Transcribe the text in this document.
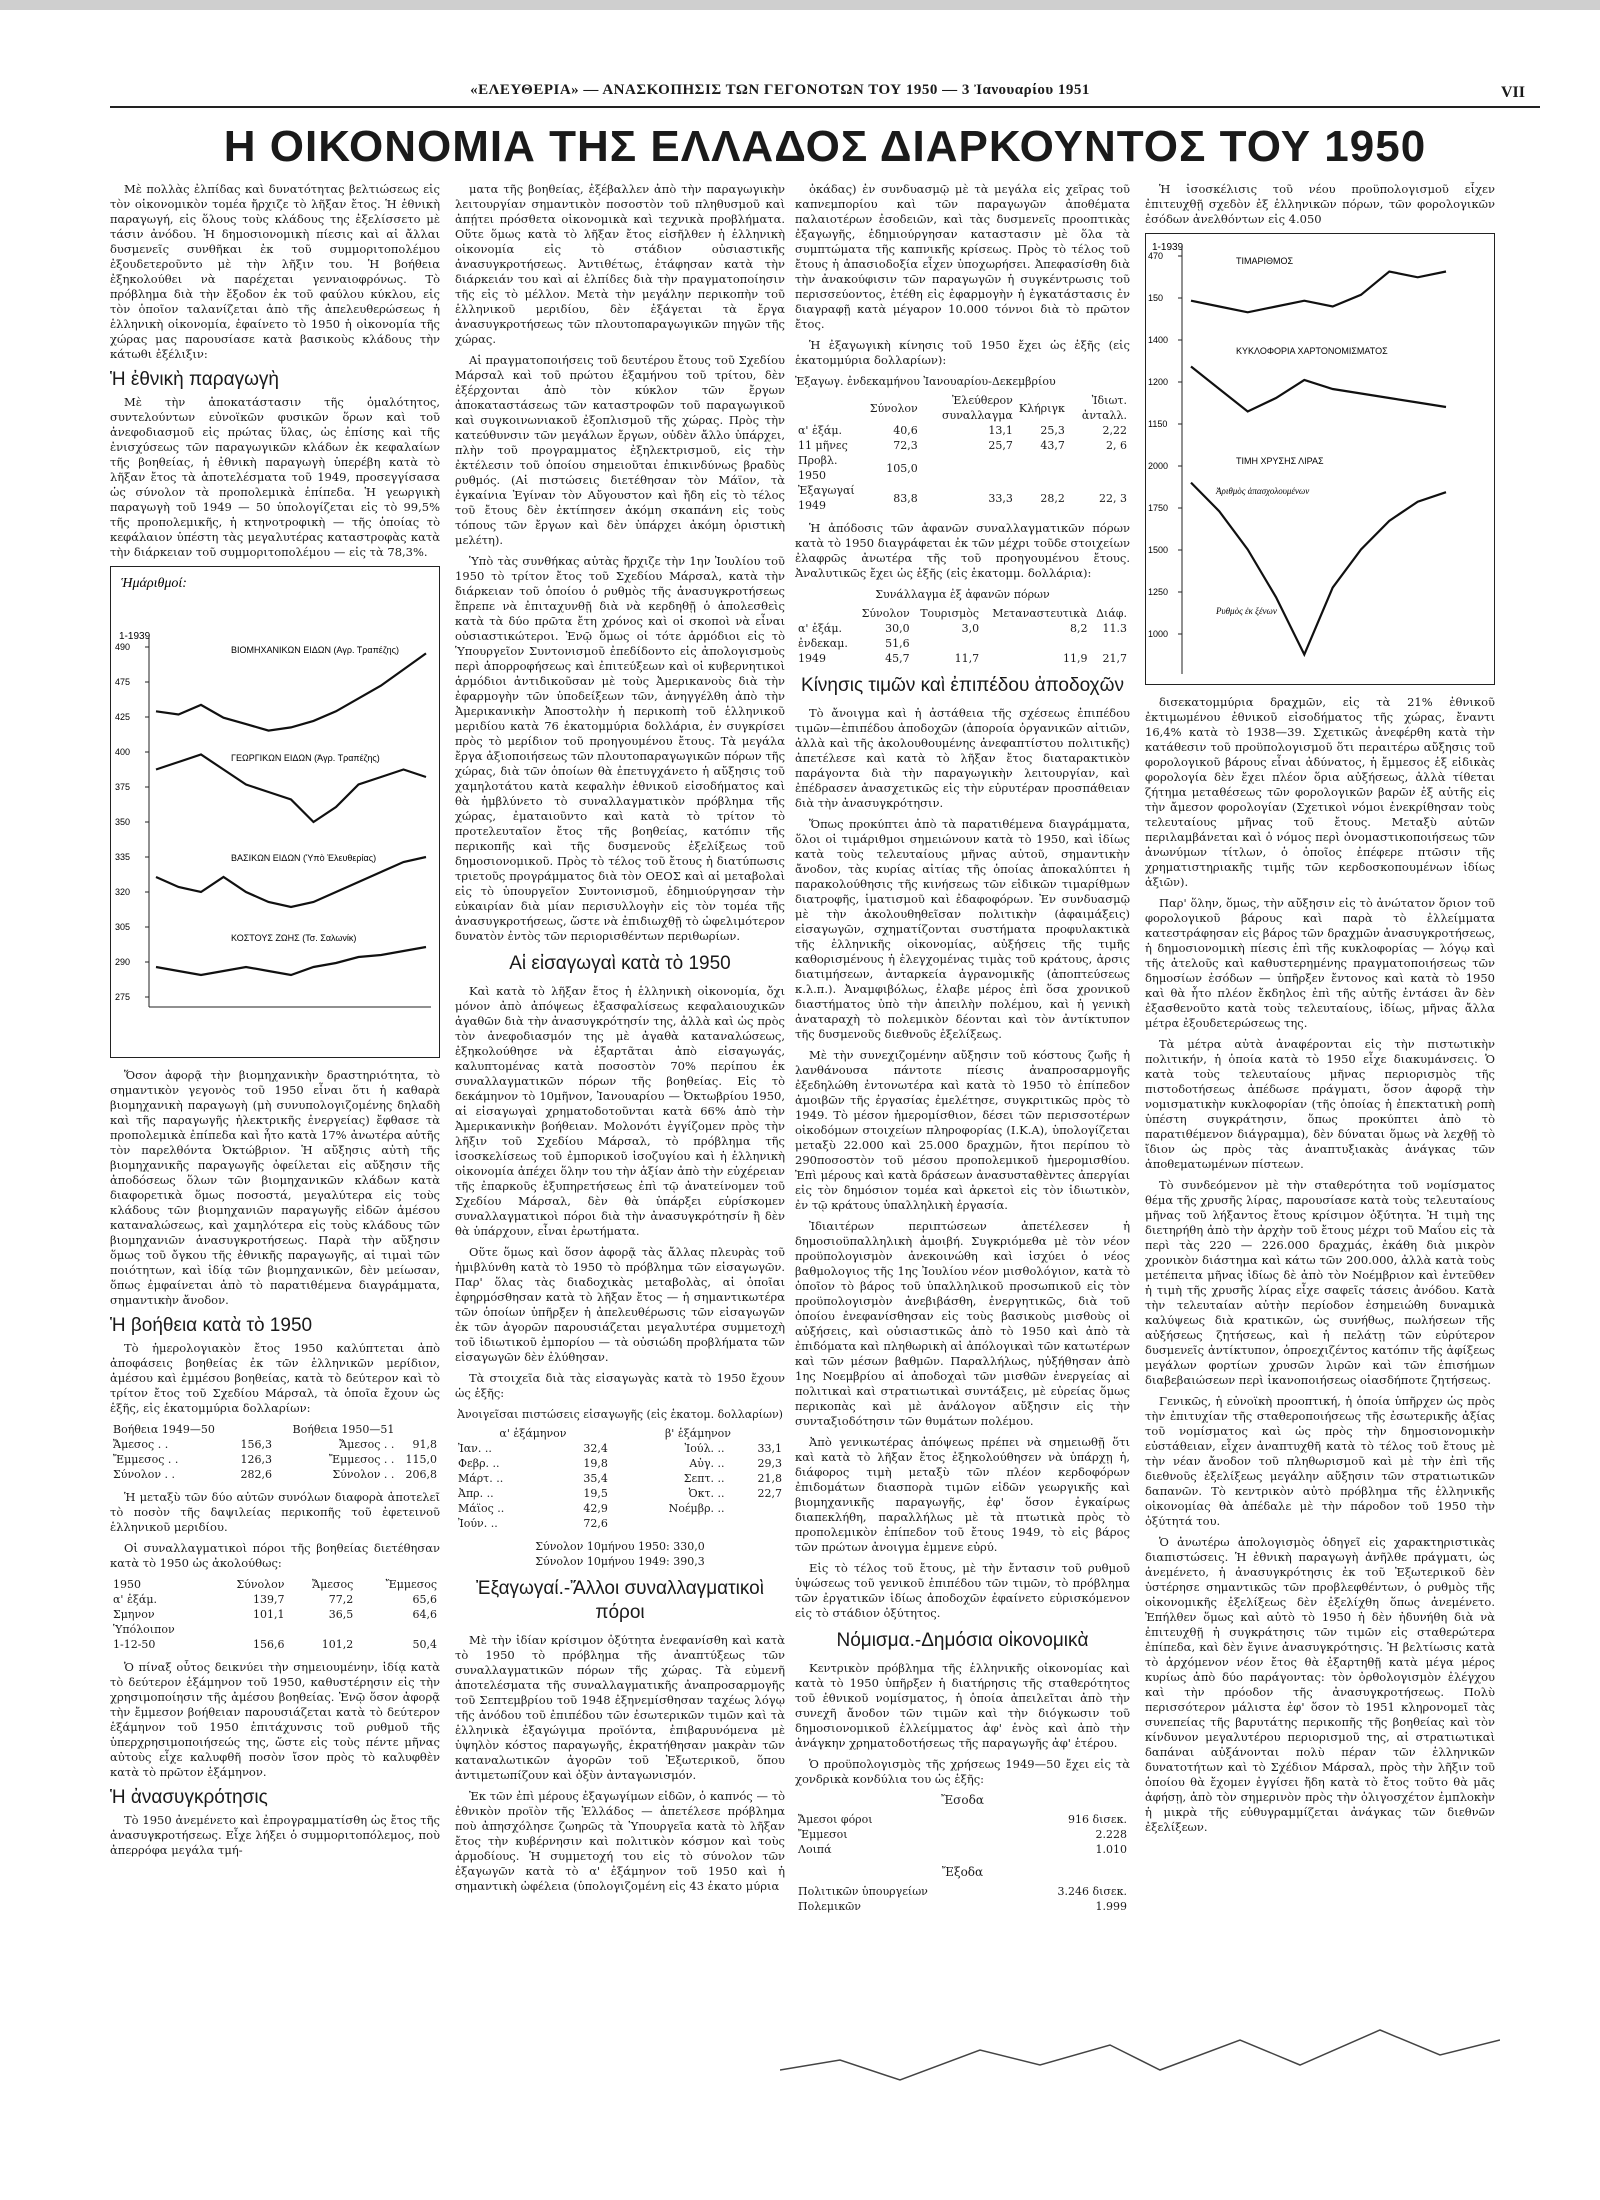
«ΕΛΕΥΘΕΡΙΑ» — ΑΝΑΣΚΟΠΗΣΙΣ ΤΩΝ ΓΕΓΟΝΟΤΩΝ ΤΟΥ 1950 — 3 Ἰανουαρίου 1951	VII
Η ΟΙΚΟΝΟΜΙΑ ΤΗΣ ΕΛΛΑΔΟΣ ΔΙΑΡΚΟΥΝΤΟΣ ΤΟΥ 1950

Μὲ πολλὰς ἐλπίδας καὶ δυνατότητας βελτιώσεως εἰς τὸν οἰκονομικὸν τομέα ἤρχιζε τὸ λῆξαν ἔτος. Ἡ ἐθνικὴ παραγωγή, εἰς ὅλους τοὺς κλάδους της ἐξελίσσετο μὲ τάσιν ἀνόδου. Ἡ δημοσιονομικὴ πίεσις καὶ αἱ ἄλλαι δυσμενεῖς συνθῆκαι ἐκ τοῦ συμμοριτοπολέμου ἐξουδετεροῦντο μὲ τὴν λῆξιν του. Ἡ βοήθεια ἐξηκολούθει νὰ παρέχεται γενναιοφρόνως. Τὸ πρόβλημα διὰ τὴν ἔξοδον ἐκ τοῦ φαύλου κύκλου, εἰς τὸν ὁποῖον ταλανίζεται ἀπὸ τῆς ἀπελευθερώσεως ἡ ἑλληνικὴ οἰκονομία, ἐφαίνετο τὸ 1950 ἡ οἰκονομία τῆς χώρας μας παρουσίασε κατὰ βασικοὺς κλάδους τὴν κάτωθι ἐξέλιξιν:

Ἡ ἐθνικὴ παραγωγὴ

Μὲ τὴν ἀποκατάστασιν τῆς ὁμαλότητος, συντελούντων εὐνοϊκῶν φυσικῶν ὅρων καὶ τοῦ ἀνεφοδιασμοῦ εἰς πρώτας ὕλας, ὡς ἐπίσης καὶ τῆς ἐνισχύσεως τῶν παραγωγικῶν κλάδων ἐκ κεφαλαίων τῆς βοηθείας, ἡ ἐθνικὴ παραγωγὴ ὑπερέβη κατὰ τὸ λῆξαν ἔτος τὰ ἀποτελέσματα τοῦ 1949, προσεγγίσασα ὡς σύνολον τὰ προπολεμικὰ ἐπίπεδα. Ἡ γεωργικὴ παραγωγὴ τοῦ 1949 — 50 ὑπολογίζεται εἰς τὸ 99,5% τῆς προπολεμικῆς, ἡ κτηνοτροφικὴ — τῆς ὁποίας τὸ κεφάλαιον ὑπέστη τὰς μεγαλυτέρας καταστροφὰς κατὰ τὴν διάρκειαν τοῦ συμμοριτοπολέμου — εἰς τὰ 78,3%.

Ἡμάριθμοί:
1-1939
490
475
425
400
375
350
335
320
305
290
275
ΒΙΟΜΗΧΑΝΙΚΩΝ ΕΙΔΩΝ (Αγρ. Τραπέζης)
ΓΕΩΡΓΙΚΩΝ ΕΙΔΩΝ (Ἀγρ. Τραπέζης)
ΒΑΣΙΚΩΝ ΕΙΔΩΝ (Ὑπὸ Ἐλευθερίας)
ΚΟΣΤΟΥΣ ΖΩΗΣ (Τσ. Σαλωνίκ)

Ὅσον ἀφορᾷ τὴν βιομηχανικὴν δραστηριότητα, τὸ σημαντικὸν γεγονὸς τοῦ 1950 εἶναι ὅτι ἡ καθαρὰ βιομηχανικὴ παραγωγὴ (μὴ συνυπολογιζομένης δηλαδὴ καὶ τῆς παραγωγῆς ἠλεκτρικῆς ἐνεργείας) ἔφθασε τὰ προπολεμικὰ ἐπίπεδα καὶ ἦτο κατὰ 17% ἀνωτέρα αὐτῆς τὸν παρελθόντα Ὀκτώβριον. Ἡ αὔξησις αὐτὴ τῆς βιομηχανικῆς παραγωγῆς ὀφείλεται εἰς αὔξησιν τῆς ἀποδόσεως ὅλων τῶν βιομηχανικῶν κλάδων κατὰ διαφορετικὰ ὅμως ποσοστά, μεγαλύτερα εἰς τοὺς κλάδους τῶν βιομηχανιῶν παραγωγῆς εἰδῶν ἀμέσου καταναλώσεως, καὶ χαμηλότερα εἰς τοὺς κλάδους τῶν βιομηχανιῶν ἀνασυγκροτήσεως. Παρὰ τὴν αὔξησιν ὅμως τοῦ ὄγκου τῆς ἐθνικῆς παραγωγῆς, αἱ τιμαὶ τῶν ποιότητων, καὶ ἰδίᾳ τῶν βιομηχανικῶν, δὲν μείωσαν, ὅπως ἐμφαίνεται ἀπὸ τὸ παρατιθέμενα διαγράμματα, σημαντικὴν ἄνοδον.

Ἡ βοήθεια κατὰ τὸ 1950

Τὸ ἡμερολογιακὸν ἔτος 1950 καλύπτεται ἀπὸ ἀποφάσεις βοηθείας ἐκ τῶν ἑλληνικῶν μερίδιον, ἀμέσου καὶ ἐμμέσου βοηθείας, κατὰ τὸ δεύτερον καὶ τὸ τρίτον ἔτος τοῦ Σχεδίου Μάρσαλ, τὰ ὁποῖα ἔχουν ὡς ἑξῆς, εἰς ἑκατομμύρια δολλαρίων:

Βοήθεια 1949—50		Βοήθεια 1950—51	
Ἄμεσος . .	156,3	Ἄμεσος . .	91,8
Ἔμμεσος . .	126,3	Ἔμμεσος . .	115,0
Σύνολον . .	282,6	Σύνολον . .	206,8

Ἡ μεταξὺ τῶν δύο αὐτῶν συνόλων διαφορὰ ἀποτελεῖ τὸ ποσὸν τῆς δαψιλείας περικοπῆς τοῦ ἐφετεινοῦ ἑλληνικοῦ μεριδίου.

Οἱ συναλλαγματικοὶ πόροι τῆς βοηθείας διετέθησαν κατὰ τὸ 1950 ὡς ἀκολούθως:

1950	Σύνολον	Ἄμεσος	Ἔμμεσος
α' ἑξάμ.	139,7	77,2	65,6
Σμηνον	101,1	36,5	64,6
Ὑπόλοιπον			
1-12-50	156,6	101,2	50,4

Ὁ πίναξ οὗτος δεικνύει τὴν σημειουμένην, ἰδίᾳ κατὰ τὸ δεύτερον ἑξάμηνον τοῦ 1950, καθυστέρησιν εἰς τὴν χρησιμοποίησιν τῆς ἀμέσου βοηθείας. Ἐνῷ ὅσον ἀφορᾷ τὴν ἔμμεσον βοήθειαν παρουσιάζεται κατὰ τὸ δεύτερον ἑξάμηνον τοῦ 1950 ἐπιτάχυνσις τοῦ ρυθμοῦ τῆς ὑπερχρησιμοποιήσεώς της, ὥστε εἰς τοὺς πέντε μῆνας αὐτοὺς εἶχε καλυφθῆ ποσὸν ἴσον πρὸς τὸ καλυφθὲν κατὰ τὸ πρῶτον ἑξάμηνον.

Ἡ ἀνασυγκρότησις

Τὸ 1950 ἀνεμένετο καὶ ἐπρογραμματίσθη ὡς ἔτος τῆς ἀνασυγκροτήσεως. Εἶχε λήξει ὁ συμμοριτοπόλεμος, ποὺ ἀπερρόφα μεγάλα τμή-

ματα τῆς βοηθείας, ἐξέβαλλεν ἀπὸ τὴν παραγωγικὴν λειτουργίαν σημαντικὸν ποσοστὸν τοῦ πληθυσμοῦ καὶ ἀπῄτει πρόσθετα οἰκονομικὰ καὶ τεχνικὰ προβλήματα. Οὕτε ὅμως κατὰ τὸ λῆξαν ἔτος εἰσῆλθεν ἡ ἑλληνικὴ οἰκονομία εἰς τὸ στάδιον οὐσιαστικῆς ἀνασυγκροτήσεως. Ἀντιθέτως, ἐτάφησαν κατὰ τὴν διάρκειάν του καὶ αἱ ἐλπίδες διὰ τὴν πραγματοποίησιν τῆς εἰς τὸ μέλλον. Μετὰ τὴν μεγάλην περικοπὴν τοῦ ἑλληνικοῦ μεριδίου, δὲν ἐξάγεται τὰ ἔργα ἀνασυγκροτήσεως τῶν πλουτοπαραγωγικῶν πηγῶν τῆς χώρας.

Αἱ πραγματοποιήσεις τοῦ δευτέρου ἔτους τοῦ Σχεδίου Μάρσαλ καὶ τοῦ πρώτου ἑξαμήνου τοῦ τρίτου, δὲν ἐξέρχονται ἀπὸ τὸν κύκλον τῶν ἔργων ἀποκαταστάσεως τῶν καταστροφῶν τοῦ παραγωγικοῦ καὶ συγκοινωνιακοῦ ἐξοπλισμοῦ τῆς χώρας. Πρὸς τὴν κατεύθυνσιν τῶν μεγάλων ἔργων, οὐδὲν ἄλλο ὑπάρχει, πλὴν τοῦ προγραμματος ἐξηλεκτρισμοῦ, εἰς τὴν ἐκτέλεσιν τοῦ ὁποίου σημειοῦται ἐπικινδύνως βραδὺς ρυθμός. (Αἱ πιστώσεις διετέθησαν τὸν Μάϊον, τὰ ἐγκαίνια Ἐγίναν τὸν Αὔγουστον καὶ ἤδη εἰς τὸ τέλος τοῦ ἔτους δὲν ἐκτίπησεν ἀκόμη σκαπάνη εἰς τοὺς τόπους τῶν ἔργων καὶ δὲν ὑπάρχει ἀκόμη ὁριστικὴ μελέτη).

Ὑπὸ τὰς συνθήκας αὐτὰς ἤρχιζε τὴν 1ην Ἰουλίου τοῦ 1950 τὸ τρίτον ἔτος τοῦ Σχεδίου Μάρσαλ, κατὰ τὴν διάρκειαν τοῦ ὁποίου ὁ ρυθμὸς τῆς ἀνασυγκροτήσεως ἔπρεπε νὰ ἐπιταχυνθῇ διὰ νὰ κερδηθῇ ὁ ἀπολεσθεὶς κατὰ τὰ δύο πρῶτα ἔτη χρόνος καὶ οἱ σκοποὶ νὰ εἶναι οὐσιαστικώτεροι. Ἐνῷ ὅμως οἱ τότε ἁρμόδιοι εἰς τὸ Ὑπουργεῖον Συντονισμοῦ ἐπεδίδοντο εἰς ἀπολογισμοὺς περὶ ἀπορροφήσεως καὶ ἐπιτεύξεων καὶ οἱ κυβερνητικοὶ ἁρμόδιοι ἀντιδικοῦσαν μὲ τοὺς Ἀμερικανοὺς διὰ τὴν ἐφαρμογὴν τῶν ὑποδείξεων τῶν, ἀνηγγέλθη ἀπὸ τὴν Ἀμερικανικὴν Ἀποστολὴν ἡ περικοπὴ τοῦ ἑλληνικοῦ μεριδίου κατὰ 76 ἑκατομμύρια δολλάρια, ἐν συγκρίσει πρὸς τὸ μερίδιον τοῦ προηγουμένου ἔτους. Τὰ μεγάλα ἔργα ἀξιοποιήσεως τῶν πλουτοπαραγωγικῶν πόρων τῆς χώρας, διὰ τῶν ὁποίων θὰ ἐπετυγχάνετο ἡ αὔξησις τοῦ χαμηλοτάτου κατὰ κεφαλὴν ἐθνικοῦ εἰσοδήματος καὶ θὰ ἠμβλύνετο τὸ συναλλαγματικὸν πρόβλημα τῆς χώρας, ἐματαιοῦντο καὶ κατὰ τὸ τρίτον τὸ προτελευταῖον ἔτος τῆς βοηθείας, κατόπιν τῆς περικοπῆς καὶ τῆς δυσμενοῦς ἐξελίξεως τοῦ δημοσιονομικοῦ. Πρὸς τὸ τέλος τοῦ ἔτους ἡ διατύπωσις τριετοῦς προγράμματος διὰ τὸν ΟΕΟΣ καὶ αἱ μεταβολαὶ εἰς τὸ ὑπουργεῖον Συντονισμοῦ, ἐδημιούργησαν τὴν εὐκαιρίαν διὰ μίαν περισυλλογὴν εἰς τὸν τομέα τῆς ἀνασυγκροτήσεως, ὥστε νὰ ἐπιδιωχθῇ τὸ ὠφελιμότερον δυνατὸν ἐντὸς τῶν περιορισθέντων περιθωρίων.

Αἱ εἰσαγωγαὶ κατὰ τὸ 1950

Καὶ κατὰ τὸ λῆξαν ἔτος ἡ ἑλληνικὴ οἰκονομία, ὄχι μόνον ἀπὸ ἀπόψεως ἐξασφαλίσεως κεφαλαιουχικῶν ἀγαθῶν διὰ τὴν ἀνασυγκρότησίν της, ἀλλὰ καὶ ὡς πρὸς τὸν ἀνεφοδιασμόν της μὲ ἀγαθὰ καταναλώσεως, ἐξηκολούθησε νὰ ἐξαρτᾶται ἀπὸ εἰσαγωγάς, καλυπτομένας κατὰ ποσοστὸν 70% περίπου ἐκ συναλλαγματικῶν πόρων τῆς βοηθείας. Εἰς τὸ δεκάμηνον τὸ 10μῆνον, Ἰανουαρίου — Ὀκτωβρίου 1950, αἱ εἰσαγωγαὶ χρηματοδοτοῦνται κατὰ 66% ἀπὸ τὴν Ἀμερικανικὴν βοήθειαν. Μολονότι ἐγγίζομεν πρὸς τὴν λῆξιν τοῦ Σχεδίου Μάρσαλ, τὸ πρόβλημα τῆς ἰσοσκελίσεως τοῦ ἐμπορικοῦ ἰσοζυγίου καὶ ἡ ἑλληνικὴ οἰκονομία ἀπέχει ὅλην του τὴν ἀξίαν ἀπὸ τὴν εὐχέρειαν τῆς ἐπαρκοῦς ἐξυπηρετήσεως ἐπὶ τῷ ἀνατείνομεν τοῦ Σχεδίου Μάρσαλ, δὲν θὰ ὑπάρξει εὑρίσκομεν συναλλαγματικοὶ πόροι διὰ τὴν ἀνασυγκρότησίν ἢ δὲν θὰ ὑπάρχουν, εἶναι ἐρωτήματα.

Οὕτε ὅμως καὶ ὅσον ἀφορᾷ τὰς ἄλλας πλευρὰς τοῦ ἡμιβλύνθη κατὰ τὸ 1950 τὸ πρόβλημα τῶν εἰσαγωγῶν. Παρ' ὅλας τὰς διαδοχικὰς μεταβολὰς, αἱ ὁποῖαι ἐφηρμόσθησαν κατὰ τὸ λῆξαν ἔτος — ἡ σημαντικωτέρα τῶν ὁποίων ὑπῆρξεν ἡ ἀπελευθέρωσις τῶν εἰσαγωγῶν ἐκ τῶν ἀγορῶν παρουσιάζεται μεγαλυτέρα συμμετοχὴ τοῦ ἰδιωτικοῦ ἐμπορίου — τὰ οὐσιώδη προβλήματα τῶν εἰσαγωγῶν δὲν ἐλύθησαν.

Τὰ στοιχεῖα διὰ τὰς εἰσαγωγὰς κατὰ τὸ 1950 ἔχουν ὡς ἑξῆς:

Ἀνοιγεῖσαι πιστώσεις εἰσαγωγῆς (εἰς ἑκατομ. δολλαρίων)
α' ἑξάμηνον		β' ἑξάμηνον	
Ἰαν. ..	32,4	Ἰούλ. ..	33,1
Φεβρ. ..	19,8	Αὐγ. ..	29,3
Μάρτ. ..	35,4	Σεπτ. ..	21,8
Ἀπρ. ..	19,5	Ὀκτ. ..	22,7
Μάϊος ..	42,9	Νοέμβρ. ..	
Ἰούν. ..	72,6		
Σύνολον 10μήνου 1950: 330,0
Σύνολον 10μήνου 1949: 390,3
Ἐξαγωγαί.-Ἄλλοι συναλλαγματικοὶ πόροι

Μὲ τὴν ἰδίαν κρίσιμον ὀξύτητα ἐνεφανίσθη καὶ κατὰ τὸ 1950 τὸ πρόβλημα τῆς ἀναπτύξεως τῶν συναλλαγματικῶν πόρων τῆς χώρας. Τὰ εὐμενῆ ἀποτελέσματα τῆς συναλλαγματικῆς ἀναπροσαρμογῆς τοῦ Σεπτεμβρίου τοῦ 1948 ἐξηνεμίσθησαν ταχέως λόγῳ τῆς ἀνόδου τοῦ ἐπιπέδου τῶν ἐσωτερικῶν τιμῶν καὶ τὰ ἑλληνικὰ ἐξαγώγιμα προϊόντα, ἐπιβαρυνόμενα μὲ ὑψηλὸν κόστος παραγωγῆς, ἐκρατήθησαν μακρὰν τῶν καταναλωτικῶν ἀγορῶν τοῦ Ἐξωτερικοῦ, ὅπου ἀντιμετωπίζουν καὶ ὀξὺν ἀνταγωνισμόν.

Ἐκ τῶν ἐπὶ μέρους ἐξαγωγίμων εἰδῶν, ὁ καπνός — τὸ ἐθνικὸν προϊὸν τῆς Ἑλλάδος — ἀπετέλεσε πρόβλημα ποὺ ἀπησχόλησε ζωηρῶς τὰ Ὑπουργεῖα κατὰ τὸ λῆξαν ἔτος τὴν κυβέρνησιν καὶ πολιτικὸν κόσμον καὶ τοὺς ἁρμοδίους. Ἡ συμμετοχή του εἰς τὸ σύνολον τῶν ἐξαγωγῶν κατὰ τὸ α' ἐξάμηνον τοῦ 1950 καὶ ἡ σημαντικὴ ὠφέλεια (ὑπολογιζομένη εἰς 43 ἑκατο μύρια

ὀκάδας) ἐν συνδυασμῷ μὲ τὰ μεγάλα εἰς χεῖρας τοῦ καπνεμπορίου καὶ τῶν παραγωγῶν ἀποθέματα παλαιοτέρων ἐσοδειῶν, καὶ τὰς δυσμενεῖς προοπτικὰς ἐξαγωγῆς, ἐδημιούργησαν καταστασιν μὲ ὅλα τὰ συμπτώματα τῆς καπνικῆς κρίσεως. Πρὸς τὸ τέλος τοῦ ἔτους ἡ ἀπασιοδοξία εἶχεν ὑποχωρήσει. Ἀπεφασίσθη διὰ τὴν ἀνακούφισιν τῶν παραγωγῶν ἡ συγκέντρωσις τοῦ περισσεύοντος, ἐτέθη εἰς ἐφαρμογὴν ἡ ἐγκατάστασις ἐν διαγραφῇ κατὰ μέγαρον 10.000 τόννοι διὰ τὸ πρῶτον ἔτος.

Ἡ ἐξαγωγικὴ κίνησις τοῦ 1950 ἔχει ὡς ἑξῆς (εἰς ἑκατομμύρια δολλαρίων):

Ἐξαγωγ. ἐνδεκαμήνου Ἰανουαρίου-Δεκεμβρίου
	Σύνολον	Ἐλεύθερον συναλλαγμα	Κλήριγκ	Ἰδιωτ. ἀνταλλ.
α' ἑξάμ.	40,6	13,1	25,3	2,22
11 μῆνες	72,3	25,7	43,7	2, 6
Προβλ. 1950	105,0			
Ἐξαγωγαί 1949	83,8	33,3	28,2	22, 3

Ἡ ἀπόδοσις τῶν ἀφανῶν συναλλαγματικῶν πόρων κατὰ τὸ 1950 διαγράφεται ἐκ τῶν μέχρι τοῦδε στοιχείων ἐλαφρῶς ἀνωτέρα τῆς τοῦ προηγουμένου ἔτους. Ἀναλυτικῶς ἔχει ὡς ἑξῆς (εἰς ἑκατομμ. δολλάρια):

Συνάλλαγμα ἐξ ἀφανῶν πόρων
	Σύνολον	Τουρισμὸς	Μεταναστευτικὰ	Διάφ.
α' ἑξάμ.	30,0	3,0	8,2	11.3
ἐνδεκαμ.	51,6			
1949	45,7	11,7	11,9	21,7
Κίνησις τιμῶν καὶ ἐπιπέδου ἀποδοχῶν

Τὸ ἄνοιγμα καὶ ἡ ἀστάθεια τῆς σχέσεως ἐπιπέδου τιμῶν—ἐπιπέδου ἀποδοχῶν (ἀποροία ὀργανικῶν αἰτιῶν, ἀλλὰ καὶ τῆς ἀκολουθουμένης ἀνεφαπτίστου πολιτικῆς) ἀπετέλεσε καὶ κατὰ τὸ λῆξαν ἔτος διαταρακτικὸν παράγοντα διὰ τὴν παραγωγικὴν λειτουργίαν, καὶ ἐπέδρασεν ἀνασχετικῶς εἰς τὴν εὐρυτέραν προσπάθειαν διὰ τὴν ἀνασυγκρότησιν.

Ὅπως προκύπτει ἀπὸ τὰ παρατιθέμενα διαγράμματα, ὅλοι οἱ τιμάριθμοι σημειώνουν κατὰ τὸ 1950, καὶ ἰδίως κατὰ τοὺς τελευταίους μῆνας αὐτοῦ, σημαντικὴν ἄνοδον, τὰς κυρίας αἰτίας τῆς ὁποίας ἀποκαλύπτει ἡ παρακολούθησις τῆς κινήσεως τῶν εἰδικῶν τιμαρίθμων διατροφῆς, ἱματισμοῦ καὶ ἐδαφοφόρων. Ἐν συνδυασμῷ μὲ τὴν ἀκολουθηθεῖσαν πολιτικὴν (ἀφαιμάξεις) εἰσαγωγῶν, σχηματίζονται συστήματα προφυλακτικὰ τῆς ἑλληνικῆς οἰκονομίας, αὐξήσεις τῆς τιμῆς καθορισμένους ἡ ἐλεγχομένας τιμὰς τοῦ κράτους, ἀρσις διατιμήσεων, ἀνταρκεία ἀγρανομικῆς (ἀποπτεύσεως κ.λ.π.). Ἀναμφιβόλως, ἐλαβε μέρος ἐπὶ ὅσα χρονικοῦ διαστήματος ὑπὸ τὴν ἀπειλὴν πολέμου, καὶ ἡ γενικὴ ἀναταραχὴ τὸ πολεμικὸν δέονται καὶ τὸν ἀντίκτυπον τῆς δυσμενοῦς διεθνοῦς ἐξελίξεως.

Μὲ τὴν συνεχιζομένην αὔξησιν τοῦ κόστους ζωῆς ἡ λανθάνουσα πάντοτε πίεσις ἀναπροσαρμογῆς ἐξεδηλώθη ἐντονωτέρα καὶ κατὰ τὸ 1950 τὸ ἐπίπεδον ἀμοιβῶν τῆς ἐργασίας ἐμελέτησε, συγκριτικῶς πρὸς τὸ 1949. Τὸ μέσον ἡμερομίσθιον, δέσει τῶν περισσοτέρων οἰκοδόμων στοιχείων πληροφορίας (Ι.Κ.Α), ὑπολογίζεται μεταξὺ 22.000 καὶ 25.000 δραχμῶν, ἤτοι περίπου τὸ 290ποσοστὸν τοῦ μέσου προπολεμικοῦ ἡμερομισθίου. Ἐπὶ μέρους καὶ κατὰ δράσεων ἀνασυσταθὲντες ἀπεργίαι εἰς τὸν δημόσιον τομέα καὶ ἀρκετοὶ εἰς τὸν ἰδιωτικὸν, ἐν τῷ κράτους ὑπαλληλικὴ ἐργασία.

Ἰδιαιτέρων περιπτώσεων ἀπετέλεσεν ἡ δημοσιοϋπαλληλικὴ ἀμοιβή. Συγκριόμεθα μὲ τὸν νέον προϋπολογισμὸν ἀνεκοινώθη καὶ ἰσχύει ὁ νέος βαθμολογιος τῆς 1ης Ἰουλίου νέον μισθολόγιον, κατὰ τὸ ὁποῖον τὸ βάρος τοῦ ὑπαλληλικοῦ προσωπικοῦ εἰς τὸν προϋπολογισμὸν ἀνεβιβάσθη, ἐνεργητικῶς, διὰ τοῦ ὁποίου ἐνεφανίσθησαν εἰς τοὺς βασικοὺς μισθοὺς οἱ αὐξήσεις, καὶ οὐσιαστικῶς ἀπὸ τὸ 1950 καὶ ἀπὸ τὰ ἐπιδόματα καὶ πληθωρικὴ αἱ ἀπόλογικαὶ τῶν κατωτέρων καὶ τῶν μέσων βαθμῶν. Παραλλήλως, ηὐξήθησαν ἀπὸ 1ης Νοεμβρίου αἱ ἀποδοχαὶ τῶν μισθῶν ἐνεργείας αἱ πολιτικαὶ καὶ στρατιωτικαὶ συντάξεις, μὲ εὐρείας ὅμως περικοπὰς καὶ μὲ ἀνάλογον αὔξησιν εἰς τὴν συνταξιοδότησιν τῶν θυμάτων πολέμου.

Ἀπὸ γενικωτέρας ἀπόψεως πρέπει νὰ σημειωθῇ ὅτι καὶ κατὰ τὸ λῆξαν ἔτος ἐξηκολούθησεν νὰ ὑπάρχῃ ἡ, διάφορος τιμὴ μεταξὺ τῶν πλέον κερδοφόρων ἐπιδομάτων διασπορὰ τιμῶν εἰδῶν γεωργικῆς καὶ βιομηχανικῆς παραγωγῆς, ἐφ' ὅσον ἐγκαίρως διαπεκλήθη, παραλλήλως μὲ τὰ πτωτικὰ πρὸς τὸ προπολεμικὸν ἐπίπεδον τοῦ ἔτους 1949, τὸ εἰς βάρος τῶν πρώτων ἀνοιγμα ἐμμενε εὐρύ.

Εἰς τὸ τέλος τοῦ ἔτους, μὲ τὴν ἔντασιν τοῦ ρυθμοῦ ὑψώσεως τοῦ γενικοῦ ἐπιπέδου τῶν τιμῶν, τὸ πρόβλημα τῶν ἐργατικῶν ἰδίως ἀποδοχῶν ἐφαίνετο εὑρισκόμενον εἰς τὸ στάδιον ὀξύτητος.

Νόμισμα.-Δημόσια οἰκονομικὰ

Κεντρικὸν πρόβλημα τῆς ἑλληνικῆς οἰκονομίας καὶ κατὰ τὸ 1950 ὑπῆρξεν ἡ διατήρησις τῆς σταθερότητος τοῦ ἐθνικοῦ νομίσματος, ἡ ὁποία ἀπειλεῖται ἀπὸ τὴν συνεχῆ ἄνοδον τῶν τιμῶν καὶ τὴν διόγκωσιν τοῦ δημοσιονομικοῦ ἐλλείμματος ἀφ' ἑνὸς καὶ ἀπὸ τὴν ἀνάγκην χρηματοδοτήσεως τῆς παραγωγῆς ἀφ' ἑτέρου.

Ὁ προϋπολογισμὸς τῆς χρήσεως 1949—50 ἔχει εἰς τὰ χονδρικὰ κονδύλια του ὡς ἑξῆς:

Ἔσοδα
Ἄμεσοι φόροι	916 δισεκ.
Ἔμμεσοι	2.228
Λοιπά	1.010
Ἔξοδα
Πολιτικῶν ὑπουργείων	3.246 δισεκ.
Πολεμικῶν	1.999

Ἡ ἰσοσκέλισις τοῦ νέου προϋπολογισμοῦ εἶχεν ἐπιτευχθῇ σχεδὸν ἐξ ἑλληνικῶν πόρων, τῶν φορολογικῶν ἐσόδων ἀνελθόντων εἰς 4.050

1-1939
470
150
1400
1200
1150
2000
1750
1500
1250
1000
ΤΙΜΑΡΙΘΜΟΣ
ΚΥΚΛΟΦΟΡΙΑ ΧΑΡΤΟΝΟΜΙΣΜΑΤΟΣ
ΤΙΜΗ ΧΡΥΣΗΣ ΛΙΡΑΣ
Ἀριθμὸς ἀπασχολουμένων
Ρυθμὸς ἐκ ξένων

δισεκατομμύρια δραχμῶν, εἰς τὰ 21% ἐθνικοῦ ἐκτιμωμένου ἐθνικοῦ εἰσοδήματος τῆς χώρας, ἔναντι 16,4% κατὰ τὸ 1938—39. Σχετικῶς ἀνεφέρθη κατὰ τὴν κατάθεσιν τοῦ προϋπολογισμοῦ ὅτι περαιτέρω αὔξησις τοῦ φορολογικοῦ βάρους εἶναι ἀδύνατος, ἡ ἔμμεσος ἐξ εἰδικὰς φορολογία δὲν ἔχει πλέον ὅρια αὐξήσεως, ἀλλὰ τίθεται ζήτημα μεταθέσεως τῶν φορολογικῶν βαρῶν ἐξ αὐτῆς εἰς τὴν ἄμεσον φορολογίαν (Σχετικοὶ νόμοι ἐνεκρίθησαν τοὺς τελευταίους μῆνας τοῦ ἔτους. Μεταξὺ αὐτῶν περιλαμβάνεται καὶ ὁ νόμος περὶ ὀνομαστικοποιήσεως τῶν ἀνωνύμων τίτλων, ὁ ὁποῖος ἐπέφερε πτῶσιν τῆς χρηματιστηριακῆς τιμῆς τῶν κερδοσκοπουμένων ἰδίως ἀξιῶν).

Παρ' ὅλην, ὅμως, τὴν αὔξησιν εἰς τὸ ἀνώτατον ὅριον τοῦ φορολογικοῦ βάρους καὶ παρὰ τὸ ἐλλείμματα κατεστράφησαν εἰς βάρος τῶν δραχμῶν ἀνασυγκροτήσεως, ἡ δημοσιονομικὴ πίεσις ἐπὶ τῆς κυκλοφορίας — λόγῳ καὶ τῆς ἀτελοῦς καὶ καθυστερημένης πραγματοποιήσεως τῶν δημοσίων ἐσόδων — ὑπῆρξεν ἔντονος καὶ κατὰ τὸ 1950 καὶ θὰ ἦτο πλέον ἔκδηλος ἐπὶ τῆς αὐτῆς ἐντάσει ἂν δὲν ἐξασθενοῦτο κατὰ τοὺς τελευταίους, ἰδίως, μῆνας ἄλλα μέτρα ἐξουδετερώσεως της.

Τὰ μέτρα αὐτὰ ἀναφέρονται εἰς τὴν πιστωτικὴν πολιτικήν, ἡ ὁποία κατὰ τὸ 1950 εἶχε διακυμάνσεις. Ὁ κατὰ τοὺς τελευταίους μῆνας περιορισμὸς τῆς πιστοδοτήσεως ἀπέδωσε πράγματι, ὅσον ἀφορᾷ τὴν νομισματικὴν κυκλοφορίαν (τῆς ὁποίας ἡ ἐπεκτατικὴ ροπὴ ὑπέστη συγκράτησιν, ὅπως προκύπτει ἀπὸ τὸ παρατιθέμενον διάγραμμα), δὲν δύναται ὅμως νὰ λεχθῇ τὸ ἴδιον ὡς πρὸς τὰς ἀναπτυξιακὰς ἀνάγκας τῶν ἀποθεματωμένων πίστεων.

Τὸ συνδεόμενον μὲ τὴν σταθερότητα τοῦ νομίσματος θέμα τῆς χρυσῆς λίρας, παρουσίασε κατὰ τοὺς τελευταίους μῆνας τοῦ λήξαντος ἔτους κρίσιμον ὀξύτητα. Ἡ τιμὴ της διετηρήθη ἀπὸ τὴν ἀρχὴν τοῦ ἔτους μέχρι τοῦ Μαΐου εἰς τὰ περὶ τὰς 220 — 226.000 δραχμάς, ἐκάθη διὰ μικρὸν χρονικὸν διάστημα καὶ κάτω τῶν 200.000, ἀλλὰ κατὰ τοὺς μετέπειτα μῆνας ἰδίως δὲ ἀπὸ τὸν Νοέμβριον καὶ ἐντεῦθεν ἡ τιμὴ τῆς χρυσῆς λίρας εἶχε σαφεῖς τάσεις ἀνόδου. Κατὰ τὴν τελευταίαν αὐτὴν περίοδον ἐσημειώθη δυναμικὰ καλύψεως διὰ κρατικῶν, ὡς συνήθως, πωλήσεων τῆς αὐξήσεως ζητήσεως, καὶ ἡ πελάτῃ τῶν εὐρύτερον δυσμενεῖς ἀντίκτυπον, ὁπροεχιζέντος κατόπιν τῆς ἀφίξεως μεγάλων φορτίων χρυσῶν λιρῶν καὶ τῶν ἐπισήμων διαβεβαιώσεων περὶ ἱκανοποιήσεως οἱασδήποτε ζητήσεως.

Γενικῶς, ἡ εὐνοϊκὴ προοπτική, ἡ ὁποία ὑπῆρχεν ὡς πρὸς τὴν ἐπιτυχίαν τῆς σταθεροποιήσεως τῆς ἐσωτερικῆς ἀξίας τοῦ νομίσματος καὶ ὡς πρὸς τὴν δημοσιονομικὴν εὐστάθειαν, εἶχεν ἀναπτυχθῆ κατὰ τὸ τέλος τοῦ ἔτους μὲ τὴν νέαν ἄνοδον τοῦ πληθωρισμοῦ καὶ μὲ τὴν ἐπὶ τῆς διεθνοῦς ἐξελίξεως μεγάλην αὔξησιν τῶν στρατιωτικῶν δαπανῶν. Τὸ κεντρικὸν αὐτὸ πρόβλημα τῆς ἑλληνικῆς οἰκονομίας θὰ ἀπέδαλε μὲ τὴν πάροδον τοῦ 1950 τὴν ὀξύτητά του.

Ὁ ἀνωτέρω ἀπολογισμὸς ὁδηγεῖ εἰς χαρακτηριστικὰς διαπιστώσεις. Ἡ ἐθνικὴ παραγωγὴ ἀνῆλθε πράγματι, ὡς ἀνεμένετο, ἡ ἀνασυγκρότησις ἐκ τοῦ Ἐξωτερικοῦ δὲν ὑστέρησε σημαντικῶς τῶν προβλεφθέντων, ὁ ρυθμὸς τῆς οἰκονομικῆς ἐξελίξεως δὲν ἐξελίχθη ὅπως ἀνεμένετο. Ἐπήλθεν ὅμως καὶ αὐτὸ τὸ 1950 ἡ δὲν ἠδυνήθη διὰ νὰ ἐπιτευχθῇ ἡ συγκράτησις τῶν τιμῶν εἰς σταθερώτερα ἐπίπεδα, καὶ δὲν ἔγινε ἀνασυγκρότησις. Ἡ βελτίωσις κατὰ τὸ ἀρχόμενον νέον ἔτος θὰ ἐξαρτηθῇ κατὰ μέγα μέρος κυρίως ἀπὸ δύο παράγοντας: τὸν ὀρθολογισμὸν ἐλέγχου καὶ τὴν πρόοδον τῆς ἀνασυγκροτήσεως. Πολὺ περισσότερον μάλιστα ἐφ' ὅσον τὸ 1951 κληρονομεῖ τὰς συνεπείας τῆς βαρυτάτης περικοπῆς τῆς βοηθείας καὶ τὸν κίνδυνον μεγαλυτέρου περιορισμοῦ της, αἱ στρατιωτικαὶ δαπάναι αὐξάνονται πολὺ πέραν τῶν ἑλληνικῶν δυνατοτήτων καὶ τὸ Σχέδιον Μάρσαλ, πρὸς τὴν λῆξιν τοῦ ὁποίου θὰ ἔχομεν ἐγγίσει ἤδη κατὰ τὸ ἔτος τοῦτο θὰ μᾶς ἀφήσῃ, ἀπὸ τὸν σημερινὸν πρὸς τὴν ὀλιγοσχέτον ἐμπλοκὴν ἡ μικρὰ τῆς εὐθυγραμμίζεται ἀνάγκας τῶν διεθνῶν ἐξελίξεων.
